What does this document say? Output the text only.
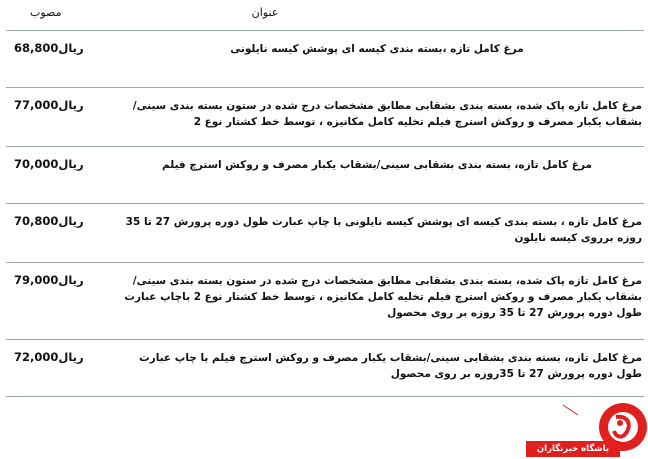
مصوب	عنوان
68,800ریال	مرغ کامل تازه ،بسته بندی کیسه ای پوشش کیسه نایلونی
77,000ریال	مرغ کامل تازه پاک شده، بسته بندی بشقابی مطابق مشخصات درج شده در ستون بسته بندی سینی/بشقاب یکبار مصرف و روکش استرچ فیلم تخلیه کامل مکانیزه ، توسط خط کشتار نوع 2
70,000ریال	مرغ کامل تازه، بسته بندی بشقابی سینی/بشقاب یکبار مصرف و روکش استرچ فیلم
70,800ریال	مرغ کامل تازه ، بسته بندی کیسه ای پوشش کیسه نایلونی با چاپ عبارت طول دوره پرورش 27 تا 35 روزه برروی کیسه نایلون
79,000ریال	مرغ کامل تازه پاک شده، بسته بندی بشقابی مطابق مشخصات درج شده در ستون بسته بندی سینی/بشقاب یکبار مصرف و روکش استرچ فیلم تخلیه کامل مکانیزه ، توسط خط کشتار نوع 2 باچاپ عبارت طول دوره پرورش 27 تا 35 روزه بر روی محصول
72,000ریال	مرغ کامل تازه، بسته بندی بشقابی سینی/بشقاب یکبار مصرف و روکش استرچ فیلم با چاپ عبارت طول دوره پرورش 27 تا 35روزه بر روی محصول
باشگاه خبرنگاران
